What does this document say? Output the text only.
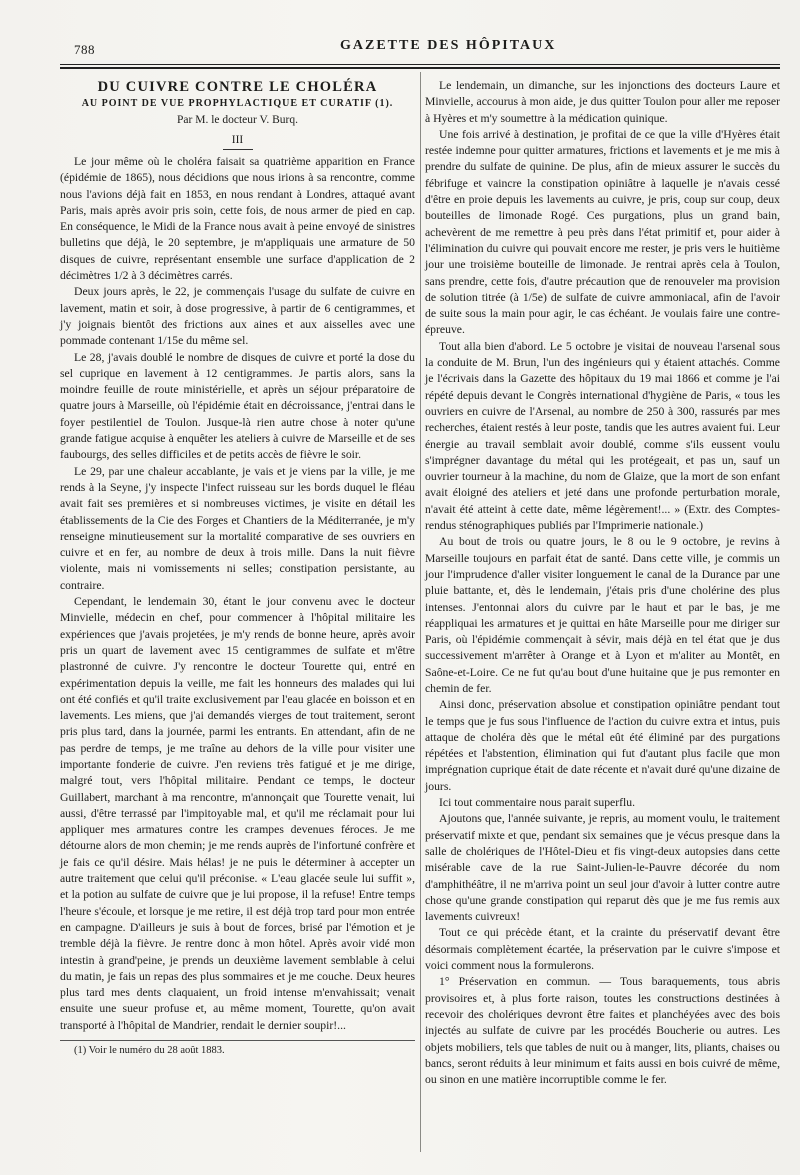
788	GAZETTE DES HÔPITAUX
DU CUIVRE CONTRE LE CHOLÉRA
AU POINT DE VUE PROPHYLACTIQUE ET CURATIF (1).
Par M. le docteur V. Burq.
III

Le jour même où le choléra faisait sa quatrième apparition en France (épidémie de 1865), nous décidions que nous irions à sa rencontre, comme nous l'avions déjà fait en 1853, en nous rendant à Londres, attaqué avant Paris, mais après avoir pris soin, cette fois, de nous armer de pied en cap. En conséquence, le Midi de la France nous avait à peine envoyé de sinistres bulletins que déjà, le 20 septembre, je m'appliquais une armature de 50 disques de cuivre, représentant ensemble une surface d'application de 2 décimètres 1/2 à 3 décimètres carrés.

Deux jours après, le 22, je commençais l'usage du sulfate de cuivre en lavement, matin et soir, à dose progressive, à partir de 6 centigrammes, et j'y joignais bientôt des frictions aux aines et aux aisselles avec une pommade contenant 1/15e du même sel.

Le 28, j'avais doublé le nombre de disques de cuivre et porté la dose du sel cuprique en lavement à 12 centigrammes. Je partis alors, sans la moindre feuille de route ministérielle, et après un séjour préparatoire de quatre jours à Marseille, où l'épidémie était en décroissance, j'entrai dans le foyer pestilentiel de Toulon. Jusque-là rien autre chose à noter qu'une grande fatigue acquise à enquêter les ateliers à cuivre de Marseille et de ses faubourgs, des selles difficiles et de petits accès de fièvre le soir.

Le 29, par une chaleur accablante, je vais et je viens par la ville, je me rends à la Seyne, j'y inspecte l'infect ruisseau sur les bords duquel le fléau avait fait ses premières et si nombreuses victimes, je visite en détail les établissements de la Cie des Forges et Chantiers de la Méditerranée, je m'y renseigne minutieusement sur la mortalité comparative de ses ouvriers en cuivre et en fer, au nombre de deux à trois mille. Dans la nuit fièvre violente, mais ni vomissements ni selles; constipation persistante, au contraire.

Cependant, le lendemain 30, étant le jour convenu avec le docteur Minvielle, médecin en chef, pour commencer à l'hôpital militaire les expériences que j'avais projetées, je m'y rends de bonne heure, après avoir pris un quart de lavement avec 15 centigrammes de sulfate et m'être plastronné de cuivre. J'y rencontre le docteur Tourette qui, entré en expérimentation depuis la veille, me fait les honneurs des malades qui lui ont été confiés et qu'il traite exclusivement par l'eau glacée en boisson et en lavements. Les miens, que j'ai demandés vierges de tout traitement, seront pris plus tard, dans la journée, parmi les entrants. En attendant, afin de ne pas perdre de temps, je me traîne au dehors de la ville pour visiter une importante fonderie de cuivre. J'en reviens très fatigué et je me dirige, malgré tout, vers l'hôpital militaire. Pendant ce temps, le docteur Guillabert, marchant à ma rencontre, m'annonçait que Tourette venait, lui aussi, d'être terrassé par l'impitoyable mal, et qu'il me réclamait pour lui appliquer mes armatures contre les crampes devenues féroces. Je me détourne alors de mon chemin; je me rends auprès de l'infortuné confrère et je fais ce qu'il désire. Mais hélas! je ne puis le déterminer à accepter un autre traitement que celui qu'il préconise. « L'eau glacée seule lui suffit », et la potion au sulfate de cuivre que je lui propose, il la refuse! Entre temps l'heure s'écoule, et lorsque je me retire, il est déjà trop tard pour mon entrée en campagne. D'ailleurs je suis à bout de forces, brisé par l'émotion et je tremble déjà la fièvre. Je rentre donc à mon hôtel. Après avoir vidé mon intestin à grand'peine, je prends un deuxième lavement semblable à celui du matin, je fais un repas des plus sommaires et je me couche. Deux heures plus tard mes dents claquaient, un froid intense m'envahissait; venait ensuite une sueur profuse et, au même moment, Tourette, qu'on avait transporté à l'hôpital de Mandrier, rendait le dernier soupir!...

(1) Voir le numéro du 28 août 1883.

Le lendemain, un dimanche, sur les injonctions des docteurs Laure et Minvielle, accourus à mon aide, je dus quitter Toulon pour aller me reposer à Hyères et m'y soumettre à la médication quinique.

Une fois arrivé à destination, je profitai de ce que la ville d'Hyères était restée indemne pour quitter armatures, frictions et lavements et je me mis à prendre du sulfate de quinine. De plus, afin de mieux assurer le succès du fébrifuge et vaincre la constipation opiniâtre à laquelle je n'avais cessé d'être en proie depuis les lavements au cuivre, je pris, coup sur coup, deux bouteilles de limonade Rogé. Ces purgations, plus un grand bain, achevèrent de me remettre à peu près dans l'état primitif et, pour aider à l'élimination du cuivre qui pouvait encore me rester, je pris vers le huitième jour une troisième bouteille de limonade. Je rentrai après cela à Toulon, sans prendre, cette fois, d'autre précaution que de renouveler ma provision de solution titrée (à 1/5e) de sulfate de cuivre ammoniacal, afin de l'avoir de suite sous la main pour agir, le cas échéant. Je voulais faire une contre-épreuve.

Tout alla bien d'abord. Le 5 octobre je visitai de nouveau l'arsenal sous la conduite de M. Brun, l'un des ingénieurs qui y étaient attachés. Comme je l'écrivais dans la Gazette des hôpitaux du 19 mai 1866 et comme je l'ai répété depuis devant le Congrès international d'hygiène de Paris, « tous les ouvriers en cuivre de l'Arsenal, au nombre de 250 à 300, rassurés par mes recherches, étaient restés à leur poste, tandis que les autres avaient fui. Leur énergie au travail semblait avoir doublé, comme s'ils eussent voulu s'imprégner davantage du métal qui les protégeait, et pas un, sauf un ouvrier tourneur à la machine, du nom de Glaize, que la mort de son enfant avait éloigné des ateliers et jeté dans une profonde perturbation morale, n'avait été atteint à cette date, même légèrement!... » (Extr. des Comptes-rendus sténographiques publiés par l'Imprimerie nationale.)

Au bout de trois ou quatre jours, le 8 ou le 9 octobre, je revins à Marseille toujours en parfait état de santé. Dans cette ville, je commis un jour l'imprudence d'aller visiter longuement le canal de la Durance par une pluie battante, et, dès le lendemain, j'étais pris d'une cholérine des plus intenses. J'entonnai alors du cuivre par le haut et par le bas, je me réappliquai les armatures et je quittai en hâte Marseille pour me diriger sur Paris, où l'épidémie commençait à sévir, mais déjà en tel état que je dus successivement m'arrêter à Orange et à Lyon et m'aliter au Montêt, en Saône-et-Loire. Ce ne fut qu'au bout d'une huitaine que je pus remonter en chemin de fer.

Ainsi donc, préservation absolue et constipation opiniâtre pendant tout le temps que je fus sous l'influence de l'action du cuivre extra et intus, puis attaque de choléra dès que le métal eût été éliminé par des purgations répétées et l'abstention, élimination qui fut d'autant plus facile que mon imprégnation cuprique était de date récente et n'avait duré qu'une dizaine de jours.

Ici tout commentaire nous parait superflu.

Ajoutons que, l'année suivante, je repris, au moment voulu, le traitement préservatif mixte et que, pendant six semaines que je vécus presque dans la salle de cholériques de l'Hôtel-Dieu et fis vingt-deux autopsies dans cette misérable cave de la rue Saint-Julien-le-Pauvre décorée du nom d'amphithéâtre, il ne m'arriva point un seul jour d'avoir à lutter contre autre chose qu'une grande constipation qui reparut dès que je me fus remis aux lavements cuivreux!

Tout ce qui précède étant, et la crainte du préservatif devant être désormais complètement écartée, la préservation par le cuivre s'impose et voici comment nous la formulerons.

1° Préservation en commun. — Tous baraquements, tous abris provisoires et, à plus forte raison, toutes les constructions destinées à recevoir des cholériques devront être faites et planchéyées avec des bois injectés au sulfate de cuivre par les procédés Boucherie ou autres. Les objets mobiliers, tels que tables de nuit ou à manger, lits, pliants, chaises ou bancs, seront réduits à leur minimum et faits aussi en bois cuivré de même, ou sinon en une matière incorruptible comme le fer.
